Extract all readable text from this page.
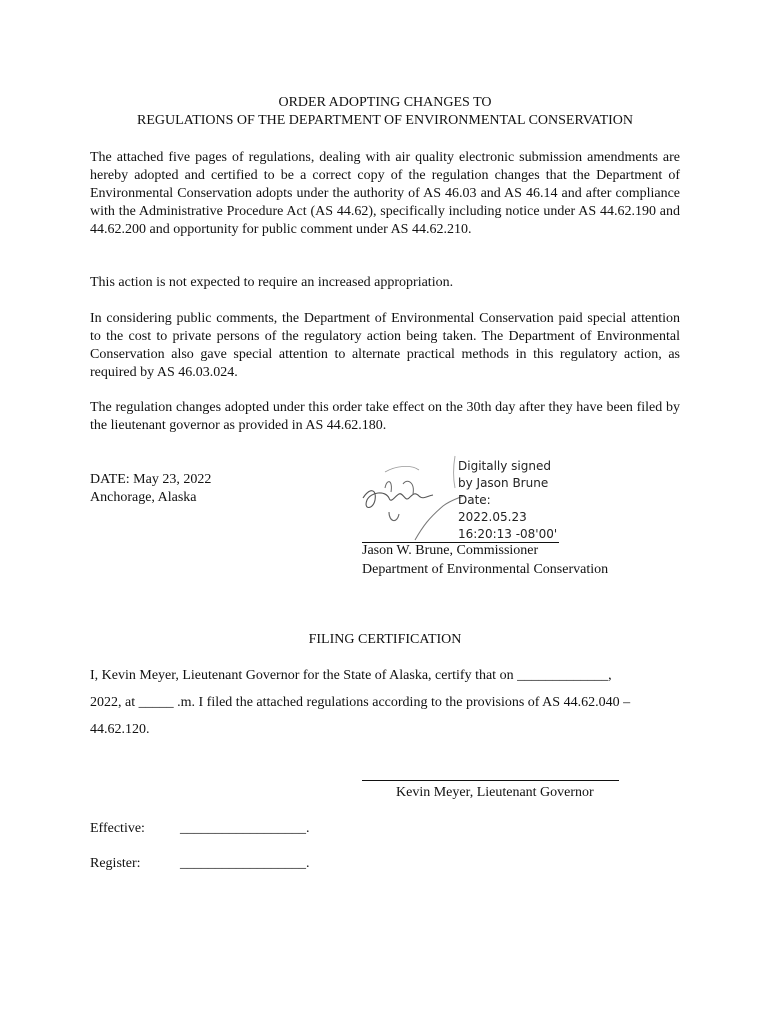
ORDER ADOPTING CHANGES TO
REGULATIONS OF THE DEPARTMENT OF ENVIRONMENTAL CONSERVATION

The attached five pages of regulations, dealing with air quality electronic submission amendments are hereby adopted and certified to be a correct copy of the regulation changes that the Department of Environmental Conservation adopts under the authority of AS 46.03 and AS 46.14 and after compliance with the Administrative Procedure Act (AS 44.62), specifically including notice under AS 44.62.190 and 44.62.200 and opportunity for public comment under AS 44.62.210.

This action is not expected to require an increased appropriation.

In considering public comments, the Department of Environmental Conservation paid special attention to the cost to private persons of the regulatory action being taken. The Department of Environmental Conservation also gave special attention to alternate practical methods in this regulatory action, as required by AS 46.03.024.

The regulation changes adopted under this order take effect on the 30th day after they have been filed by the lieutenant governor as provided in AS 44.62.180.

DATE: May 23, 2022
Anchorage, Alaska
Digitally signed
by Jason Brune
Date:
2022.05.23
16:20:13 -08'00'
Jason W. Brune, Commissioner
Department of Environmental Conservation
FILING CERTIFICATION
I, Kevin Meyer, Lieutenant Governor for the State of Alaska, certify that on _____________,
2022, at _____ .m. I filed the attached regulations according to the provisions of AS 44.62.040 –
44.62.120.
Kevin Meyer, Lieutenant Governor
Effective:	__________________.
Register:	__________________.
